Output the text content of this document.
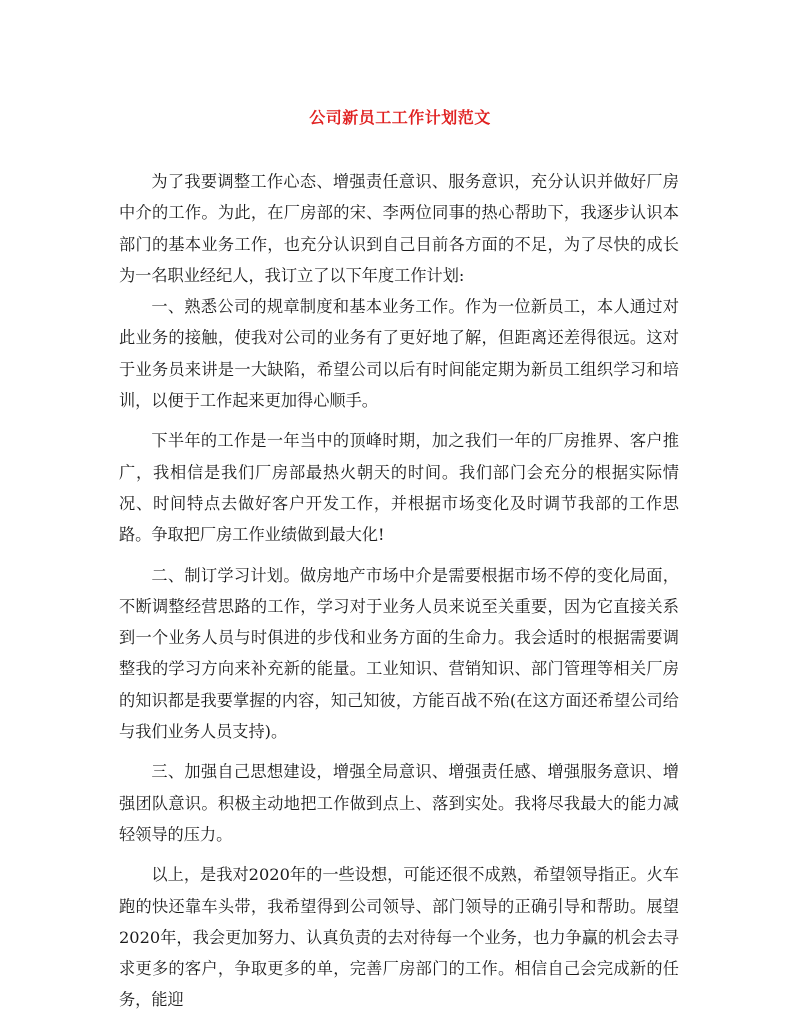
公司新员工工作计划范文

为了我要调整工作心态、增强责任意识、服务意识，充分认识并做好厂房中介的工作。为此，在厂房部的宋、李两位同事的热心帮助下，我逐步认识本部门的基本业务工作，也充分认识到自己目前各方面的不足，为了尽快的成长为一名职业经纪人，我订立了以下年度工作计划:

一、熟悉公司的规章制度和基本业务工作。作为一位新员工，本人通过对此业务的接触，使我对公司的业务有了更好地了解，但距离还差得很远。这对于业务员来讲是一大缺陷，希望公司以后有时间能定期为新员工组织学习和培训，以便于工作起来更加得心顺手。

下半年的工作是一年当中的顶峰时期，加之我们一年的厂房推界、客户推广，我相信是我们厂房部最热火朝天的时间。我们部门会充分的根据实际情况、时间特点去做好客户开发工作，并根据市场变化及时调节我部的工作思路。争取把厂房工作业绩做到最大化!

二、制订学习计划。做房地产市场中介是需要根据市场不停的变化局面，不断调整经营思路的工作，学习对于业务人员来说至关重要，因为它直接关系到一个业务人员与时俱进的步伐和业务方面的生命力。我会适时的根据需要调整我的学习方向来补充新的能量。工业知识、营销知识、部门管理等相关厂房的知识都是我要掌握的内容，知己知彼，方能百战不殆(在这方面还希望公司给与我们业务人员支持)。

三、加强自己思想建设，增强全局意识、增强责任感、增强服务意识、增强团队意识。积极主动地把工作做到点上、落到实处。我将尽我最大的能力减轻领导的压力。

以上，是我对2020年的一些设想，可能还很不成熟，希望领导指正。火车跑的快还靠车头带，我希望得到公司领导、部门领导的正确引导和帮助。展望2020年，我会更加努力、认真负责的去对待每一个业务，也力争赢的机会去寻求更多的客户，争取更多的单，完善厂房部门的工作。相信自己会完成新的任务，能迎
